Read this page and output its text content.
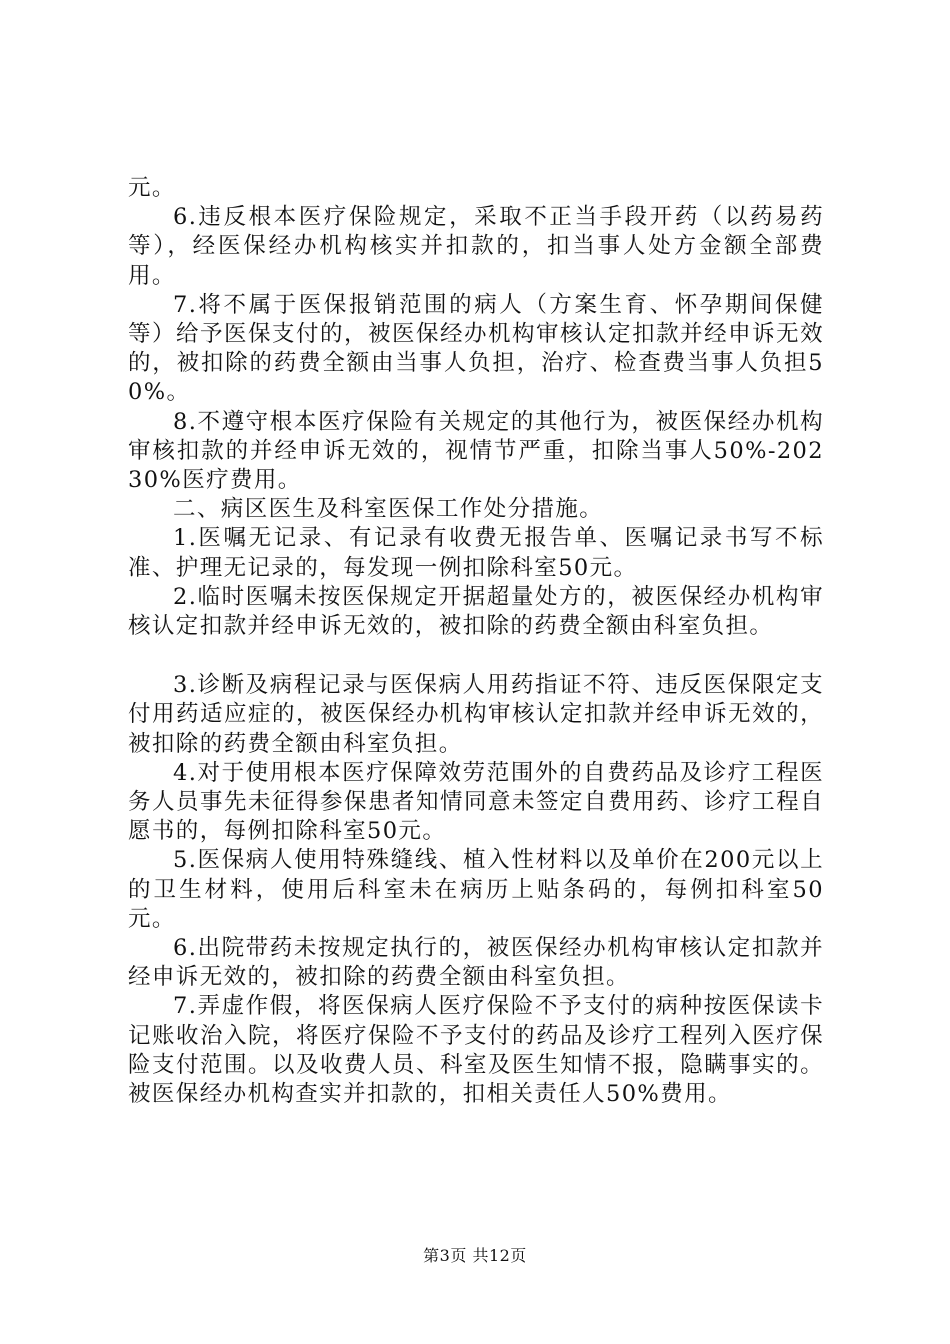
元。

6.违反根本医疗保险规定，采取不正当手段开药（以药易药等），经医保经办机构核实并扣款的，扣当事人处方金额全部费用。

7.将不属于医保报销范围的病人（方案生育、怀孕期间保健等）给予医保支付的，被医保经办机构审核认定扣款并经申诉无效的，被扣除的药费全额由当事人负担，治疗、检查费当事人负担50%。

8.不遵守根本医疗保险有关规定的其他行为，被医保经办机构审核扣款的并经申诉无效的，视情节严重，扣除当事人50%-20230%医疗费用。

二、病区医生及科室医保工作处分措施。

1.医嘱无记录、有记录有收费无报告单、医嘱记录书写不标准、护理无记录的，每发现一例扣除科室50元。

2.临时医嘱未按医保规定开据超量处方的，被医保经办机构审核认定扣款并经申诉无效的，被扣除的药费全额由科室负担。

3.诊断及病程记录与医保病人用药指证不符、违反医保限定支付用药适应症的，被医保经办机构审核认定扣款并经申诉无效的，被扣除的药费全额由科室负担。

4.对于使用根本医疗保障效劳范围外的自费药品及诊疗工程医务人员事先未征得参保患者知情同意未签定自费用药、诊疗工程自愿书的，每例扣除科室50元。

5.医保病人使用特殊缝线、植入性材料以及单价在200元以上的卫生材料，使用后科室未在病历上贴条码的，每例扣科室50元。

6.出院带药未按规定执行的，被医保经办机构审核认定扣款并经申诉无效的，被扣除的药费全额由科室负担。

7.弄虚作假，将医保病人医疗保险不予支付的病种按医保读卡记账收治入院，将医疗保险不予支付的药品及诊疗工程列入医疗保险支付范围。以及收费人员、科室及医生知情不报，隐瞒事实的。被医保经办机构查实并扣款的，扣相关责任人50%费用。

第3页 共12页
